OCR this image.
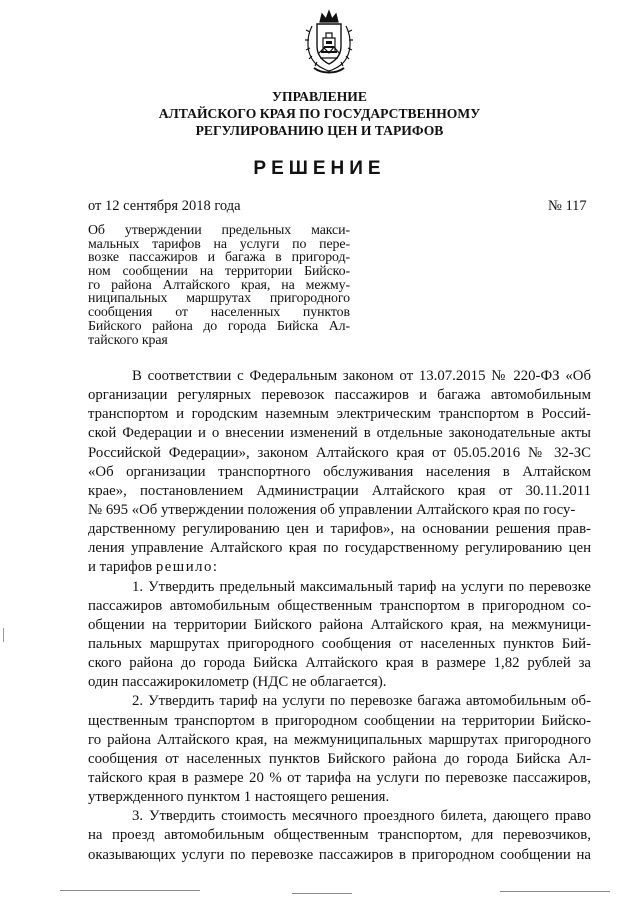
УПРАВЛЕНИЕ
АЛТАЙСКОГО КРАЯ ПО ГОСУДАРСТВЕННОМУ
РЕГУЛИРОВАНИЮ ЦЕН И ТАРИФОВ
РЕШЕНИЕ
от 12 сентября 2018 года	№ 117
Об утверждении предельных макси-
мальных тарифов на услуги по пере-
возке пассажиров и багажа в пригород-
ном сообщении на территории Бийско-
го района Алтайского края, на межму-
ниципальных маршрутах пригородного
сообщения от населенных пунктов
Бийского района до города Бийска Ал-
тайского края
В соответствии с Федеральным законом от 13.07.2015 № 220-ФЗ «Об
организации регулярных перевозок пассажиров и багажа автомобильным
транспортом и городским наземным электрическим транспортом в Россий-
ской Федерации и о внесении изменений в отдельные законодательные акты
Российской Федерации», законом Алтайского края от 05.05.2016 № 32-ЗС
«Об организации транспортного обслуживания населения в Алтайском
крае», постановлением Администрации Алтайского края от 30.11.2011
№ 695 «Об утверждении положения об управлении Алтайского края по госу-
дарственному регулированию цен и тарифов», на основании решения прав-
ления управление Алтайского края по государственному регулированию цен
и тарифов решило:
1. Утвердить предельный максимальный тариф на услуги по перевозке
пассажиров автомобильным общественным транспортом в пригородном со-
общении на территории Бийского района Алтайского края, на межмуници-
пальных маршрутах пригородного сообщения от населенных пунктов Бий-
ского района до города Бийска Алтайского края в размере 1,82 рублей за
один пассажирокилометр (НДС не облагается).
2. Утвердить тариф на услуги по перевозке багажа автомобильным об-
щественным транспортом в пригородном сообщении на территории Бийско-
го района Алтайского края, на межмуниципальных маршрутах пригородного
сообщения от населенных пунктов Бийского района до города Бийска Ал-
тайского края в размере 20 % от тарифа на услуги по перевозке пассажиров,
утвержденного пунктом 1 настоящего решения.
3. Утвердить стоимость месячного проездного билета, дающего право
на проезд автомобильным общественным транспортом, для перевозчиков,
оказывающих услуги по перевозке пассажиров в пригородном сообщении на
